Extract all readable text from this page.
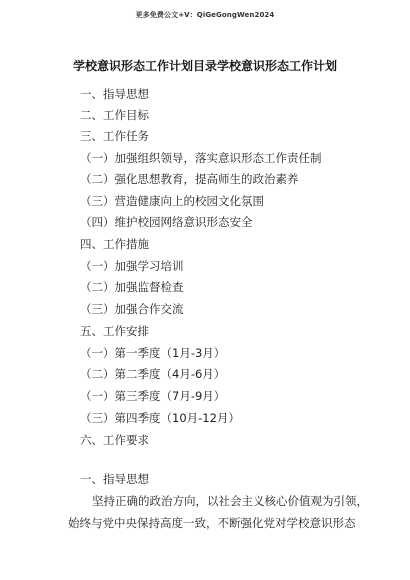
更多免费公文+V：QiGeGongWen2024
学校意识形态工作计划目录学校意识形态工作计划
一、指导思想
二、工作目标
三、工作任务
（一）加强组织领导，落实意识形态工作责任制
（二）强化思想教育，提高师生的政治素养
（三）营造健康向上的校园文化氛围
（四）维护校园网络意识形态安全
四、工作措施
（一）加强学习培训
（二）加强监督检查
（三）加强合作交流
五、工作安排
（一）第一季度（1月-3月）
（二）第二季度（4月-6月）
（一）第三季度（7月-9月）
（三）第四季度（10月-12月）
六、工作要求
一、指导思想
坚持正确的政治方向，以社会主义核心价值观为引领，
始终与党中央保持高度一致，不断强化党对学校意识形态
